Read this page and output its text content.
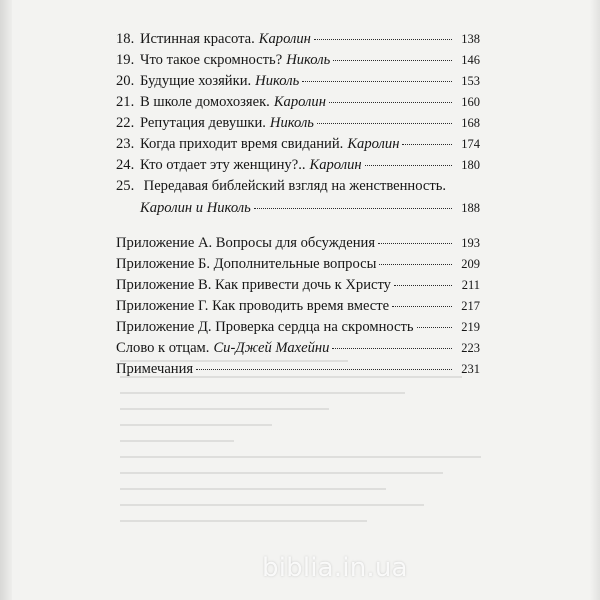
18. Истинная красота. Каролин	138
19. Что такое скромность? Николь	146
20. Будущие хозяйки. Николь	153
21. В школе домохозяек. Каролин	160
22. Репутация девушки. Николь	168
23. Когда приходит время свиданий. Каролин	174
24. Кто отдает эту женщину?.. Каролин	180
25. Передавая библейский взгляд на женственность.
Каролин и Николь	188
Приложение А. Вопросы для обсуждения	193
Приложение Б. Дополнительные вопросы	209
Приложение В. Как привести дочь к Христу	211
Приложение Г. Как проводить время вместе	217
Приложение Д. Проверка сердца на скромность	219
Слово к отцам. Си-Джей Махейни	223
Примечания	231
biblia.in.ua
